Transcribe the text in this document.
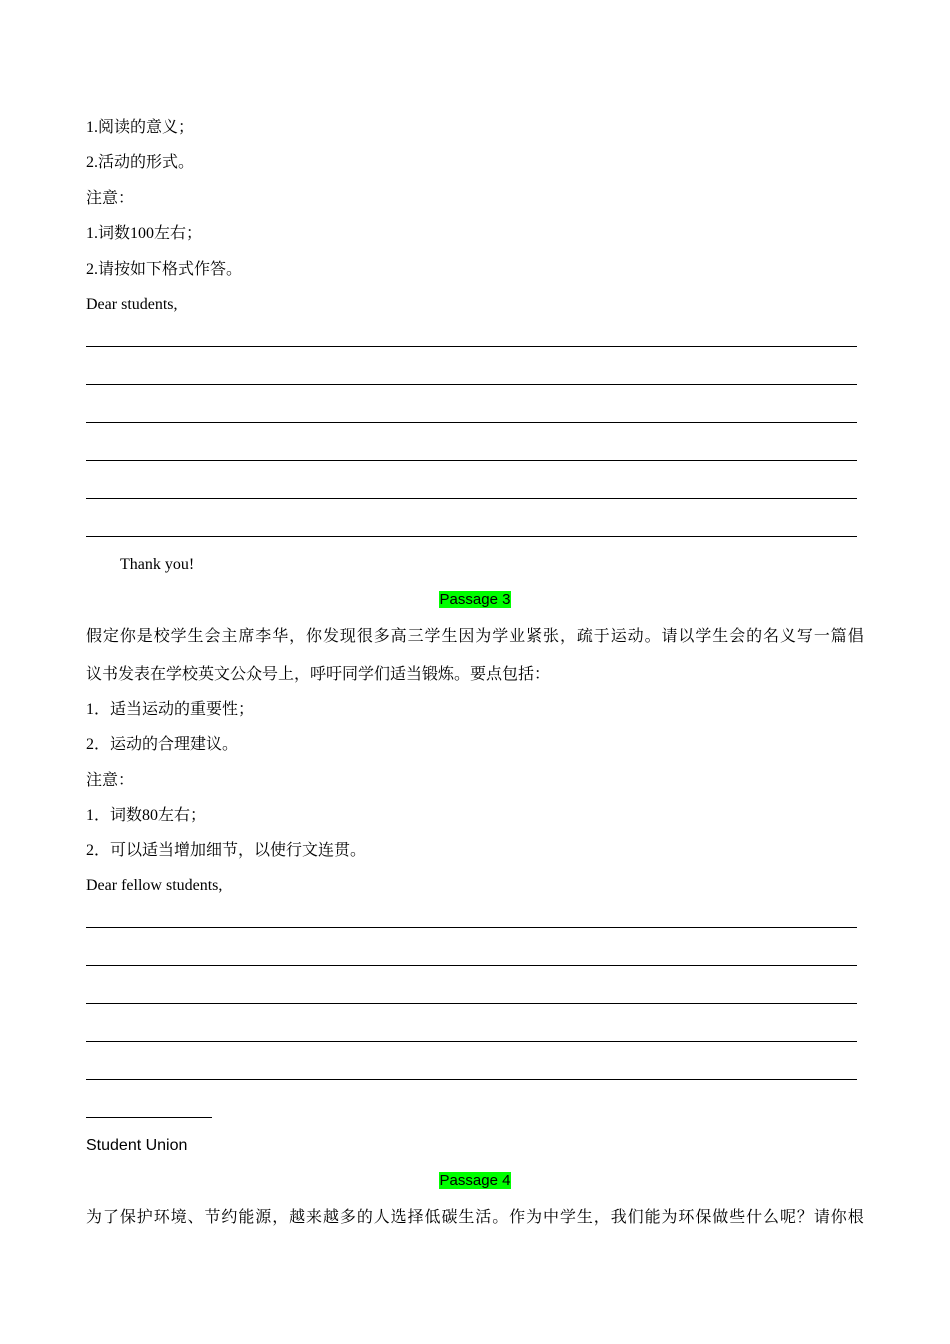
1.阅读的意义；
2.活动的形式。
注意：
1.词数100左右；
2.请按如下格式作答。
Dear students,
Thank you!
Passage 3
假定你是校学生会主席李华，你发现很多高三学生因为学业紧张，疏于运动。请以学生会的名义写一篇倡
议书发表在学校英文公众号上，呼吁同学们适当锻炼。要点包括：
1．适当运动的重要性；
2．运动的合理建议。
注意：
1．词数80左右；
2．可以适当增加细节，以使行文连贯。
Dear fellow students,
Student Union
Passage 4
为了保护环境、节约能源，越来越多的人选择低碳生活。作为中学生，我们能为环保做些什么呢？请你根
